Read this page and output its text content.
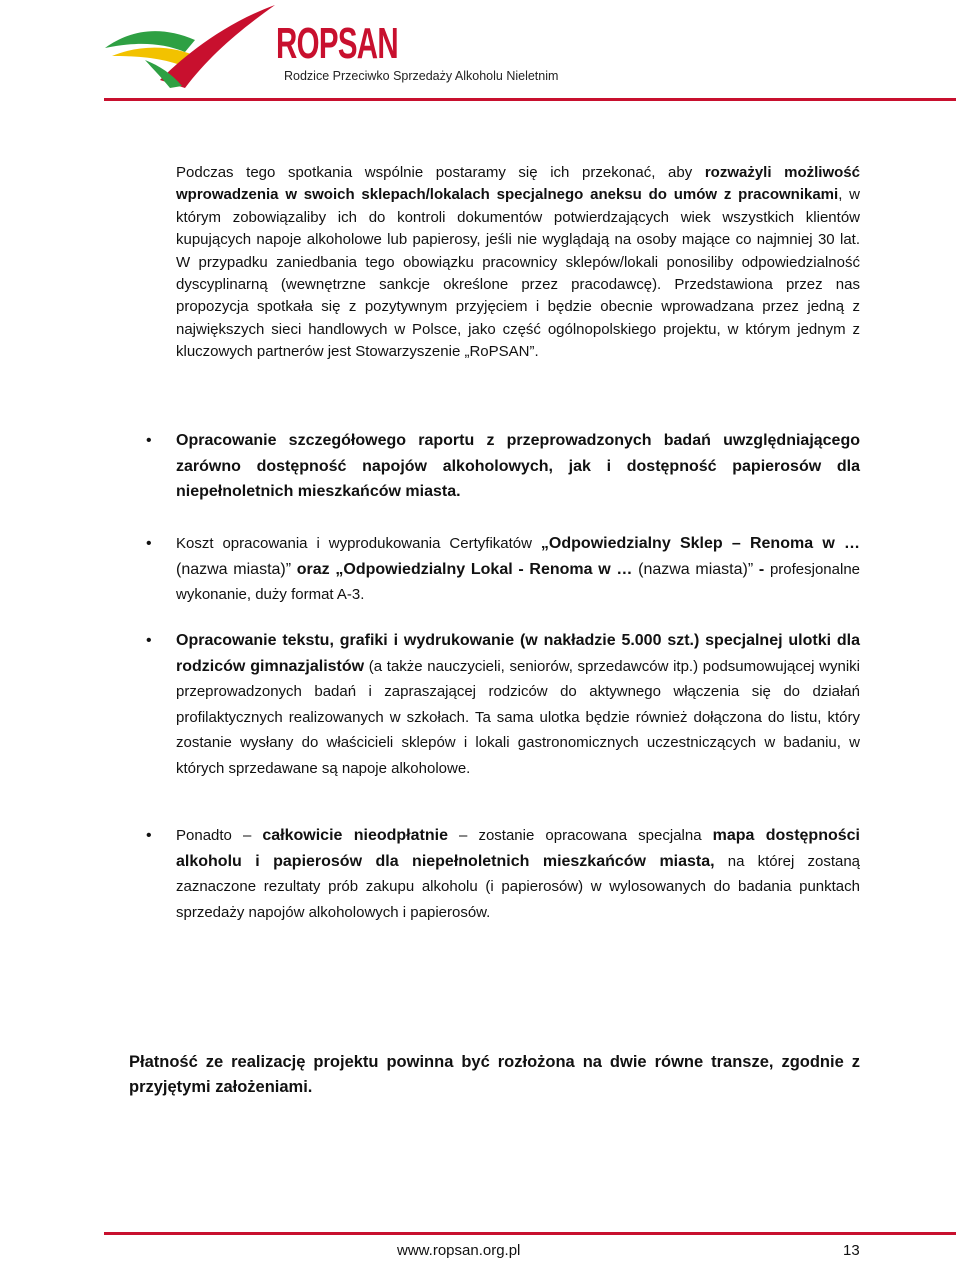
ROPSAN
Rodzice Przeciwko Sprzedaży Alkoholu Nieletnim

Podczas tego spotkania wspólnie postaramy się ich przekonać, aby rozważyli możliwość wprowadzenia w swoich sklepach/lokalach specjalnego aneksu do umów z pracownikami, w którym zobowiązaliby ich do kontroli dokumentów potwierdzających wiek wszystkich klientów kupujących napoje alkoholowe lub papierosy, jeśli nie wyglądają na osoby mające co najmniej 30 lat. W przypadku zaniedbania tego obowiązku pracownicy sklepów/lokali ponosiliby odpowiedzialność dyscyplinarną (wewnętrzne sankcje określone przez pracodawcę). Przedstawiona przez nas propozycja spotkała się z pozytywnym przyjęciem i będzie obecnie wprowadzana przez jedną z największych sieci handlowych w Polsce, jako część ogólnopolskiego projektu, w którym jednym z kluczowych partnerów jest Stowarzyszenie „RoPSAN”.

• Opracowanie szczegółowego raportu z przeprowadzonych badań uwzględniającego zarówno dostępność napojów alkoholowych, jak i dostępność papierosów dla niepełnoletnich mieszkańców miasta.
• Koszt opracowania i wyprodukowania Certyfikatów „Odpowiedzialny Sklep – Renoma w … (nazwa miasta)” oraz „Odpowiedzialny Lokal - Renoma w … (nazwa miasta)” - profesjonalne wykonanie, duży format A-3.
• Opracowanie tekstu, grafiki i wydrukowanie (w nakładzie 5.000 szt.) specjalnej ulotki dla rodziców gimnazjalistów (a także nauczycieli, seniorów, sprzedawców itp.) podsumowującej wyniki przeprowadzonych badań i zapraszającej rodziców do aktywnego włączenia się do działań profilaktycznych realizowanych w szkołach. Ta sama ulotka będzie również dołączona do listu, który zostanie wysłany do właścicieli sklepów i lokali gastronomicznych uczestniczących w badaniu, w których sprzedawane są napoje alkoholowe.
• Ponadto – całkowicie nieodpłatnie – zostanie opracowana specjalna mapa dostępności alkoholu i papierosów dla niepełnoletnich mieszkańców miasta, na której zostaną zaznaczone rezultaty prób zakupu alkoholu (i papierosów) w wylosowanych do badania punktach sprzedaży napojów alkoholowych i papierosów.
Płatność ze realizację projektu powinna być rozłożona na dwie równe transze, zgodnie z przyjętymi założeniami.
www.ropsan.org.pl	13
